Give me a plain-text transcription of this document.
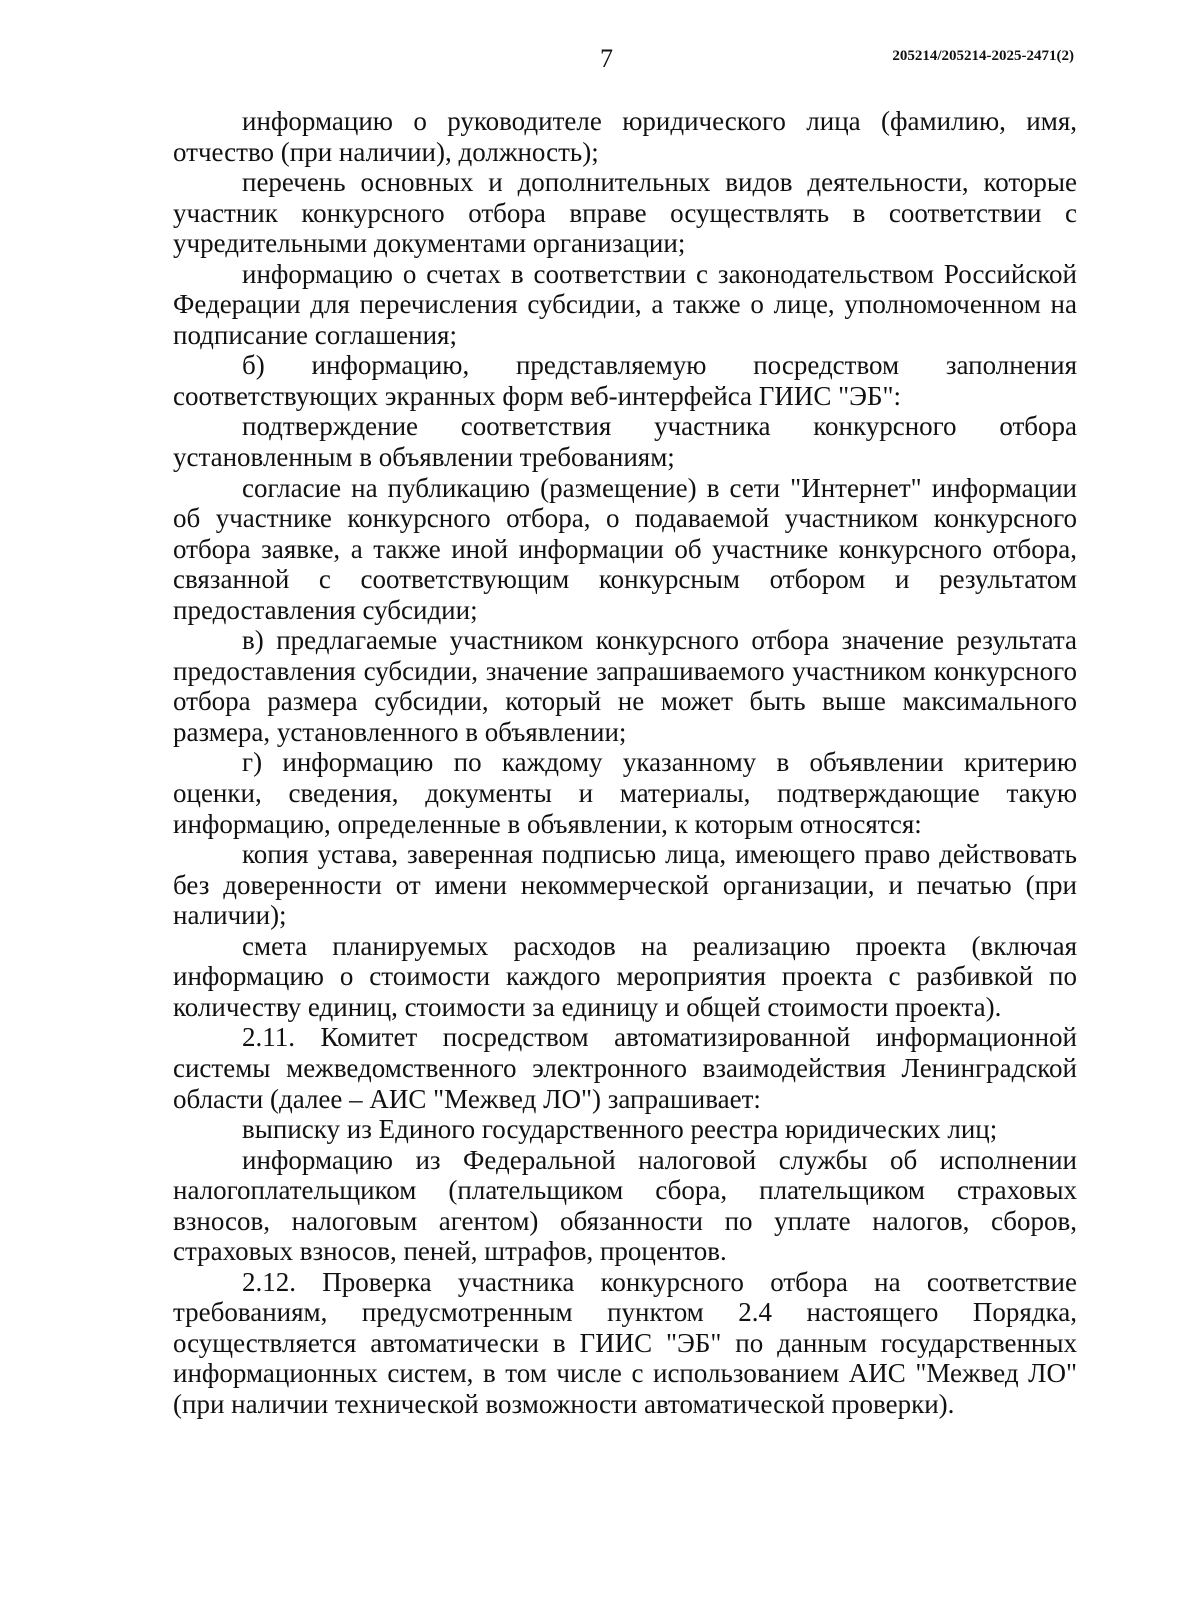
7	205214/205214-2025-2471(2)

информацию о руководителе юридического лица (фамилию, имя, отчество (при наличии), должность);

перечень основных и дополнительных видов деятельности, которые участник конкурсного отбора вправе осуществлять в соответствии с учредительными документами организации;

информацию о счетах в соответствии с законодательством Российской Федерации для перечисления субсидии, а также о лице, уполномоченном на подписание соглашения;

б) информацию, представляемую посредством заполнения соответствующих экранных форм веб-интерфейса ГИИС "ЭБ":

подтверждение соответствия участника конкурсного отбора установленным в объявлении требованиям;

согласие на публикацию (размещение) в сети "Интернет" информации об участнике конкурсного отбора, о подаваемой участником конкурсного отбора заявке, а также иной информации об участнике конкурсного отбора, связанной с соответствующим конкурсным отбором и результатом предоставления субсидии;

в) предлагаемые участником конкурсного отбора значение результата предоставления субсидии, значение запрашиваемого участником конкурсного отбора размера субсидии, который не может быть выше максимального размера, установленного в объявлении;

г) информацию по каждому указанному в объявлении критерию оценки, сведения, документы и материалы, подтверждающие такую информацию, определенные в объявлении, к которым относятся:

копия устава, заверенная подписью лица, имеющего право действовать без доверенности от имени некоммерческой организации, и печатью (при наличии);

смета планируемых расходов на реализацию проекта (включая информацию о стоимости каждого мероприятия проекта с разбивкой по количеству единиц, стоимости за единицу и общей стоимости проекта).

2.11. Комитет посредством автоматизированной информационной системы межведомственного электронного взаимодействия Ленинградской области (далее – АИС "Межвед ЛО") запрашивает:

выписку из Единого государственного реестра юридических лиц;

информацию из Федеральной налоговой службы об исполнении налогоплательщиком (плательщиком сбора, плательщиком страховых взносов, налоговым агентом) обязанности по уплате налогов, сборов, страховых взносов, пеней, штрафов, процентов.

2.12. Проверка участника конкурсного отбора на соответствие требованиям, предусмотренным пунктом 2.4 настоящего Порядка, осуществляется автоматически в ГИИС "ЭБ" по данным государственных информационных систем, в том числе с использованием АИС "Межвед ЛО" (при наличии технической возможности автоматической проверки).
